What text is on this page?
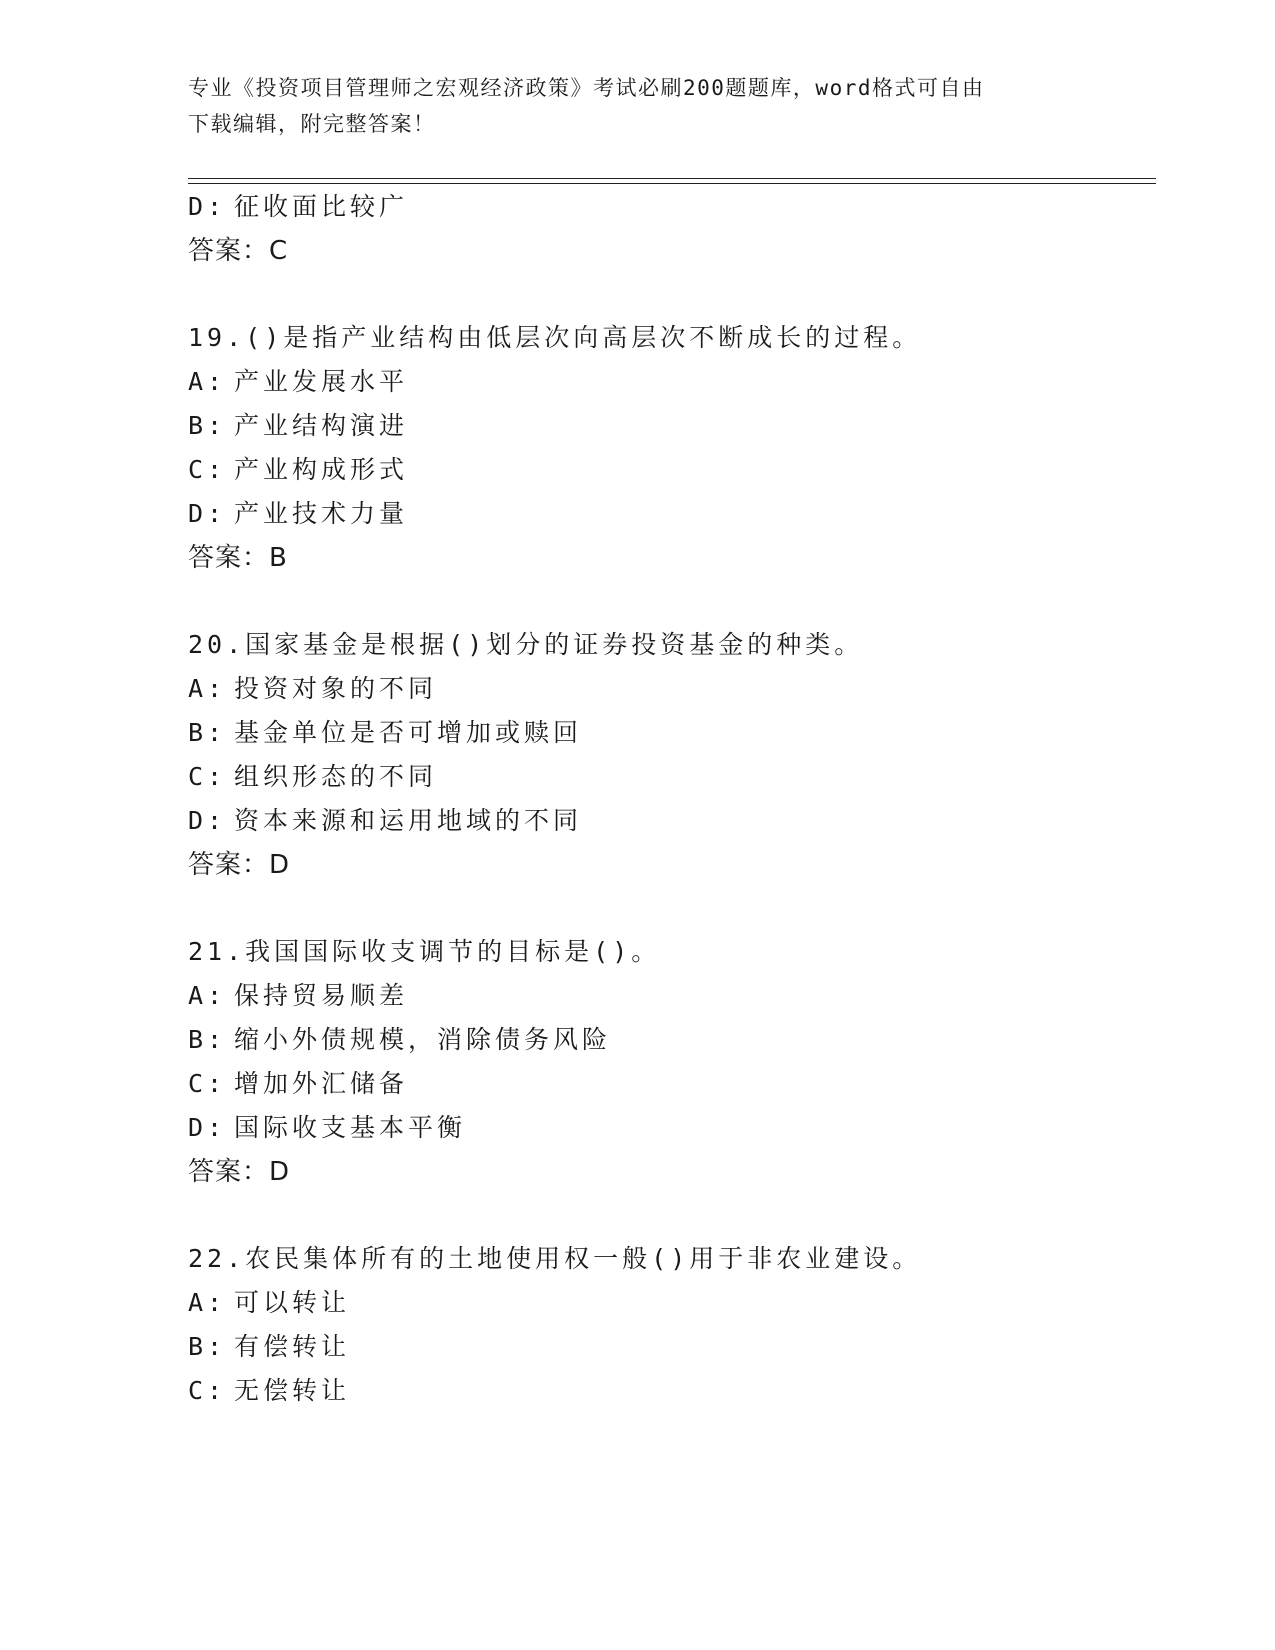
专业《投资项目管理师之宏观经济政策》考试必刷200题题库，word格式可自由
下载编辑，附完整答案！
D: 征收面比较广
答案：C
19.()是指产业结构由低层次向高层次不断成长的过程。
A: 产业发展水平
B: 产业结构演进
C: 产业构成形式
D: 产业技术力量
答案：B
20.国家基金是根据()划分的证券投资基金的种类。
A: 投资对象的不同
B: 基金单位是否可增加或赎回
C: 组织形态的不同
D: 资本来源和运用地域的不同
答案：D
21.我国国际收支调节的目标是()。
A: 保持贸易顺差
B: 缩小外债规模，消除债务风险
C: 增加外汇储备
D: 国际收支基本平衡
答案：D
22.农民集体所有的土地使用权一般()用于非农业建设。
A: 可以转让
B: 有偿转让
C: 无偿转让
